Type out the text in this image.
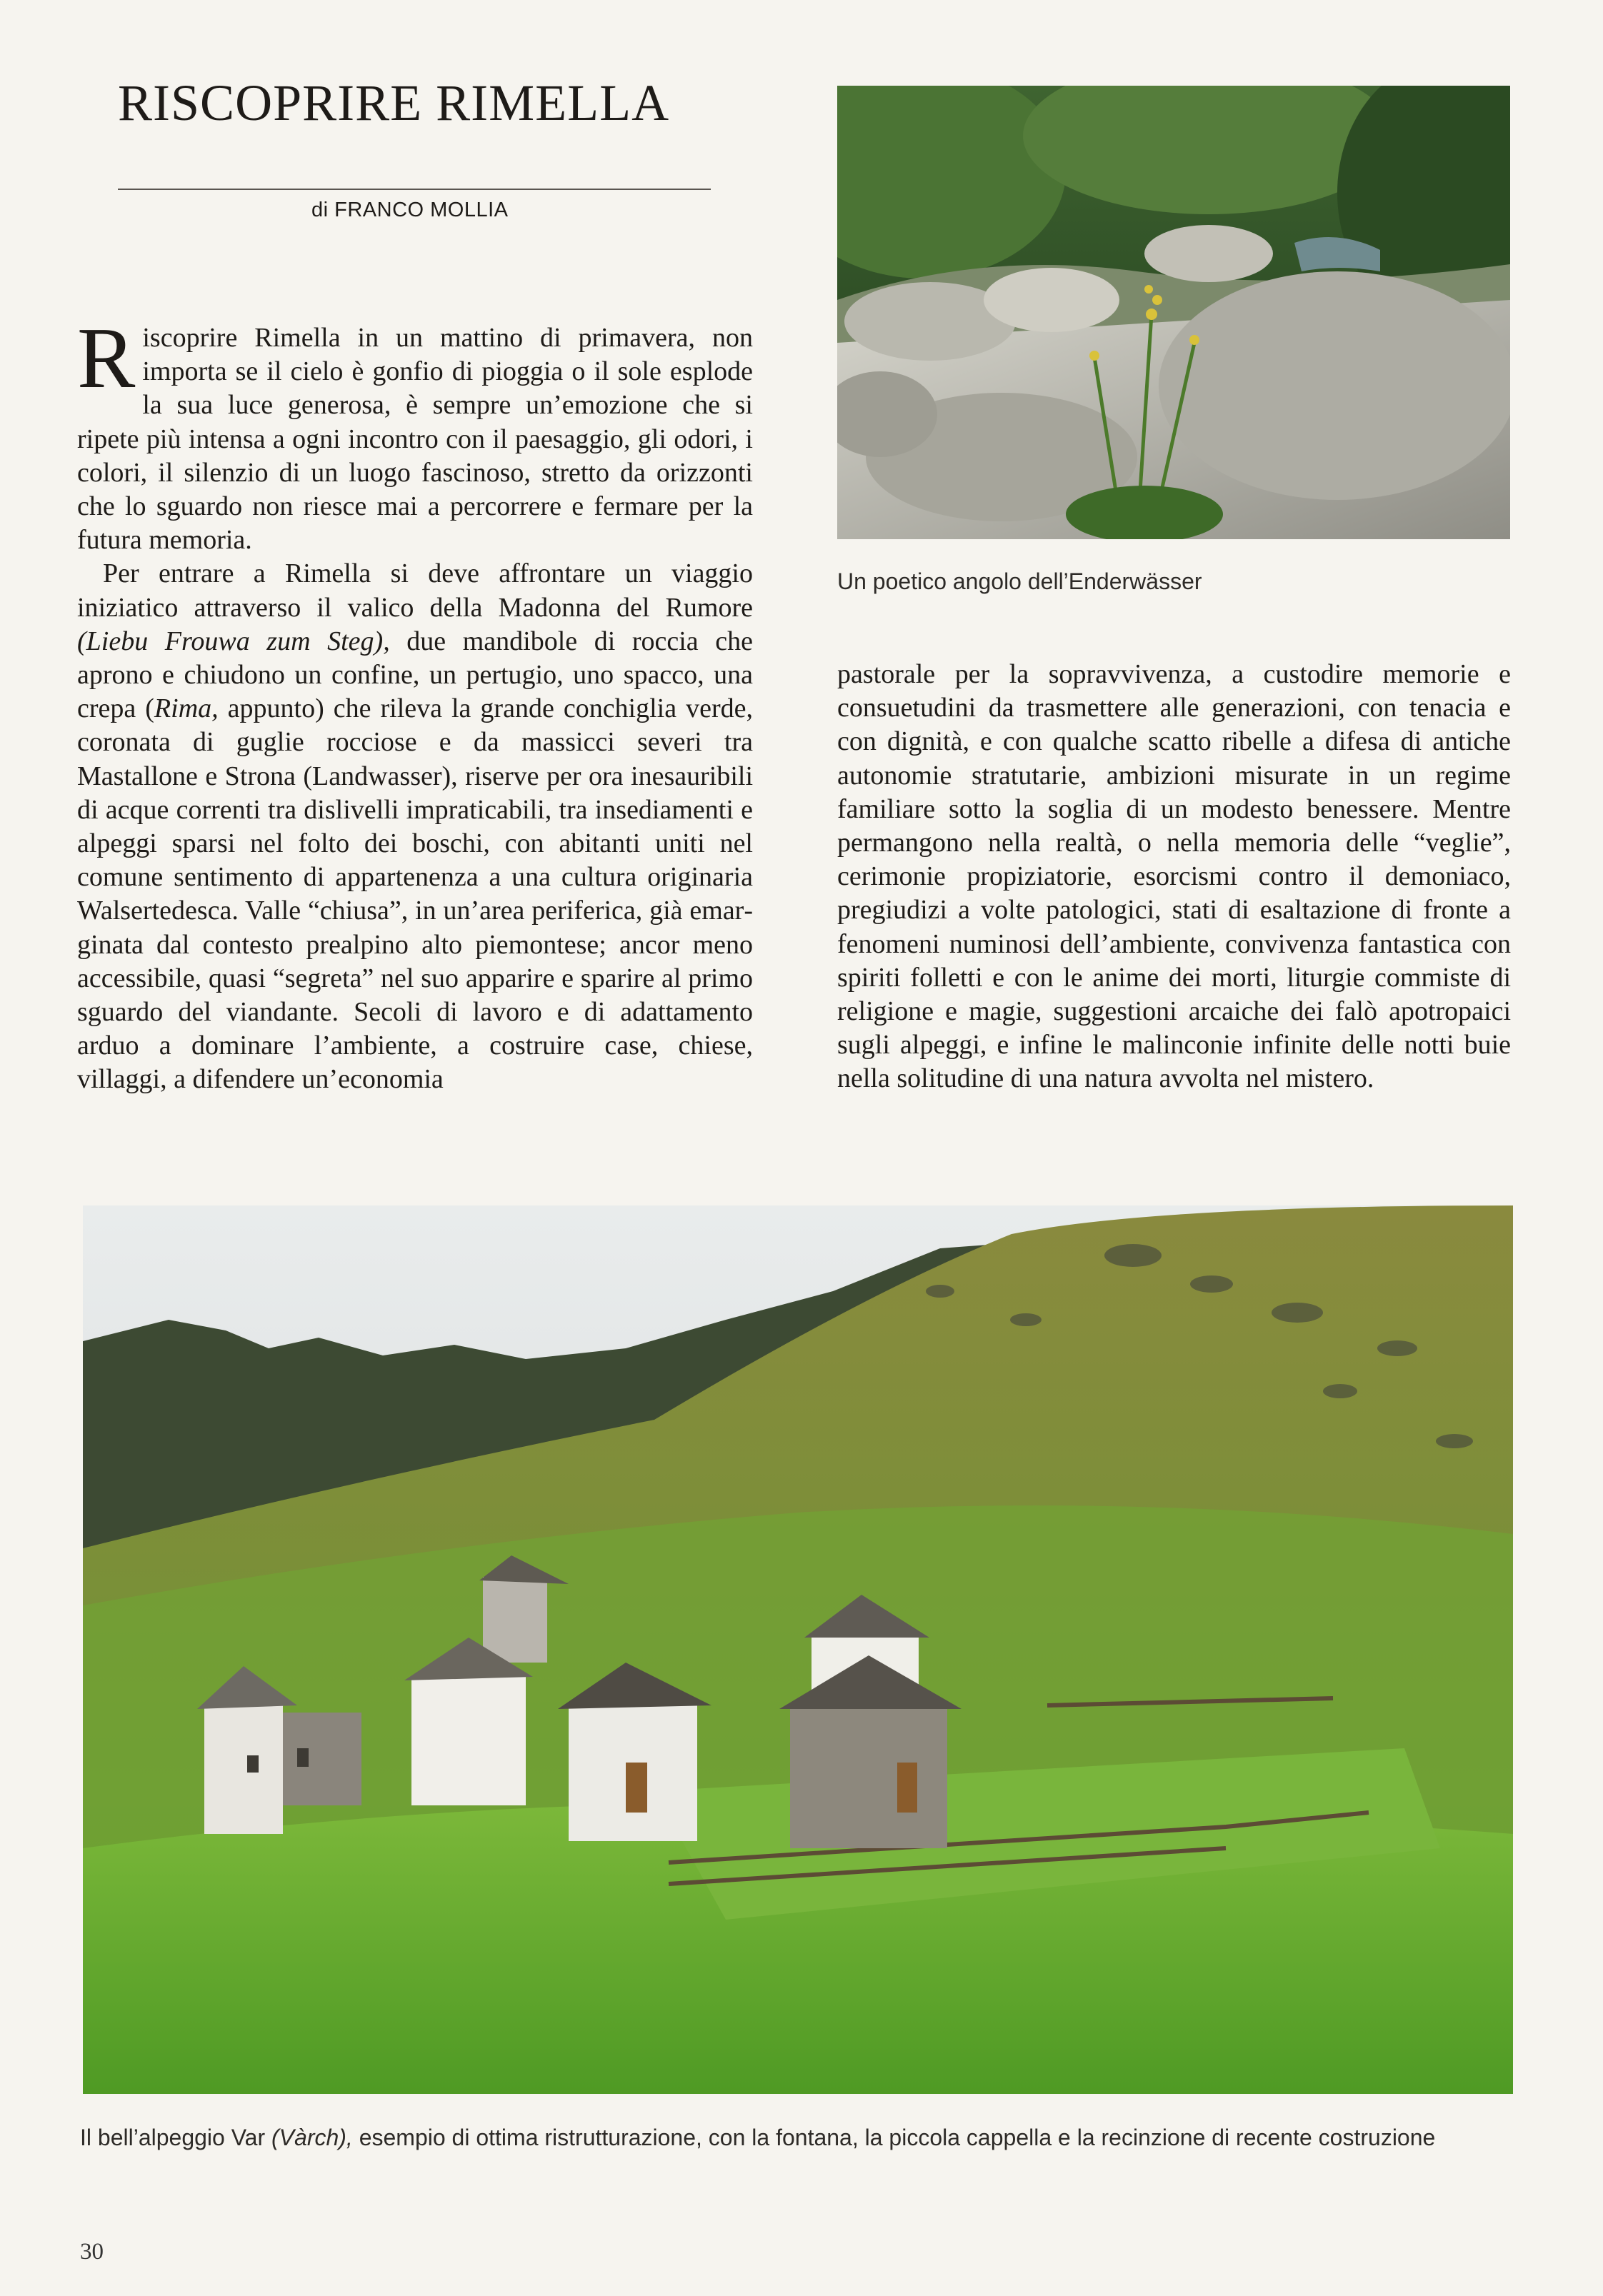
RISCOPRIRE RIMELLA
di FRANCO MOLLIA

Riscoprire Rimella in un mattino di primavera, non importa se il cielo è gonfio di pioggia o il sole esplode la sua luce generosa, è sempre un’emozione che si ripete più intensa a ogni incontro con il paesaggio, gli odori, i colori, il silenzio di un luogo fascinoso, stretto da orizzonti che lo sguardo non riesce mai a percorrere e fermare per la futura memoria.

Per entrare a Rimella si deve affrontare un viaggio iniziatico attraverso il valico della Madonna del Rumore (Liebu Frouwa zum Steg), due mandibole di roccia che aprono e chiudono un confine, un pertugio, uno spacco, una crepa (Rima, appunto) che rileva la grande conchiglia verde, coronata di guglie rocciose e da massicci severi tra Mastallone e Strona (Landwasser), riserve per ora inesauribili di acque correnti tra dislivelli impraticabili, tra insediamenti e alpeggi sparsi nel folto dei boschi, con abitanti uniti nel comune sentimento di appartenenza a una cultura originaria Walsertedesca. Valle “chiusa”, in un’area periferica, già emarginata dal contesto prealpino alto piemontese; ancor meno accessibile, quasi “segreta” nel suo apparire e sparire al primo sguardo del viandante. Secoli di lavoro e di adattamento arduo a dominare l’ambiente, a costruire case, chiese, villaggi, a difendere un’economia

Un poetico angolo dell’Enderwässer

pastorale per la sopravvivenza, a custodire memorie e consuetudini da trasmettere alle generazioni, con tenacia e con dignità, e con qualche scatto ribelle a difesa di antiche autonomie stratutarie, ambizioni misurate in un regime familiare sotto la soglia di un modesto benessere. Mentre permangono nella realtà, o nella memoria delle “veglie”, cerimonie propiziatorie, esorcismi contro il demoniaco, pregiudizi a volte patologici, stati di esaltazione di fronte a fenomeni numinosi dell’ambiente, convivenza fantastica con spiriti folletti e con le anime dei morti, liturgie commiste di religione e magie, suggestioni arcaiche dei falò apotropaici sugli alpeggi, e infine le malinconie infinite delle notti buie nella solitudine di una natura avvolta nel mistero.

Il bell’alpeggio Var (Vàrch), esempio di ottima ristrutturazione, con la fontana, la piccola cappella e la recinzione di recente costruzione
30
